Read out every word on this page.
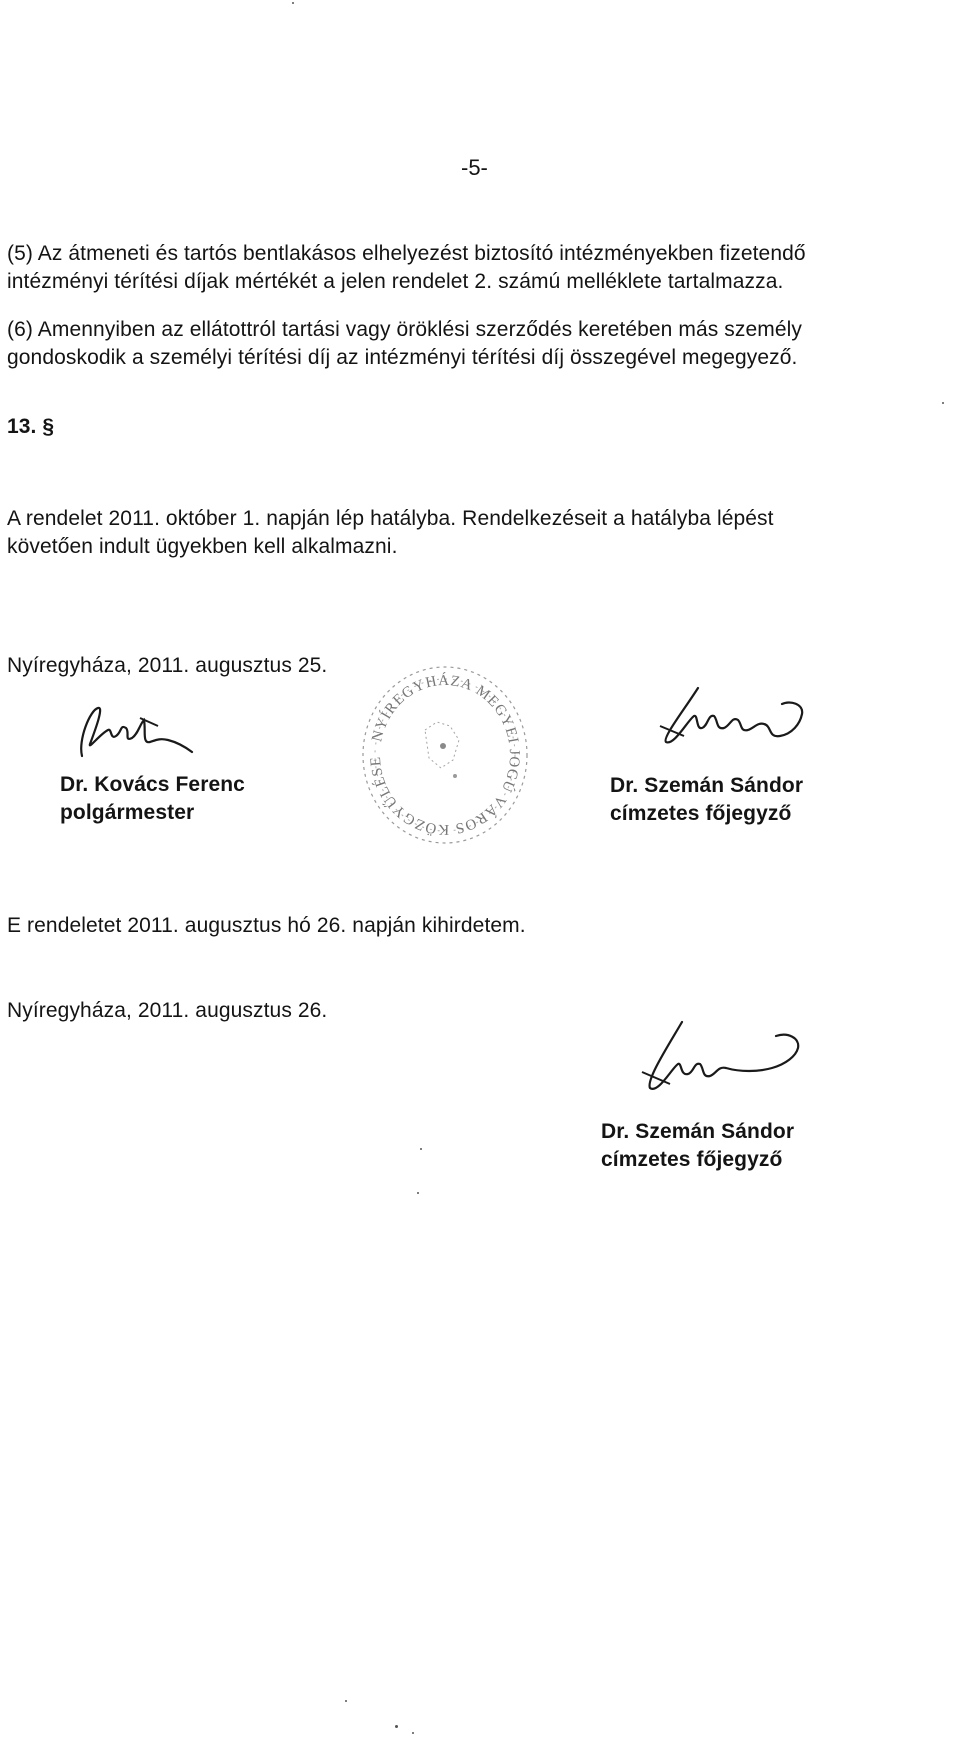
-5-
(5) Az átmeneti és tartós bentlakásos elhelyezést biztosító intézményekben fizetendő
intézményi térítési díjak mértékét a jelen rendelet 2. számú melléklete tartalmazza.
(6) Amennyiben az ellátottról tartási vagy öröklési szerződés keretében más személy
gondoskodik a személyi térítési díj az intézményi térítési díj összegével megegyező.
13. §
A rendelet 2011. október 1. napján lép hatályba. Rendelkezéseit a hatályba lépést
követően indult ügyekben kell alkalmazni.
Nyíregyháza, 2011. augusztus 25.
Dr. Kovács Ferenc
polgármester
NYÍREGYHÁZA MEGYEI JOGÚ VÁROS KÖZGYŰLÉSE
Dr. Szemán Sándor
címzetes főjegyző
E rendeletet 2011. augusztus hó 26. napján kihirdetem.
Nyíregyháza, 2011. augusztus 26.
Dr. Szemán Sándor
címzetes főjegyző
